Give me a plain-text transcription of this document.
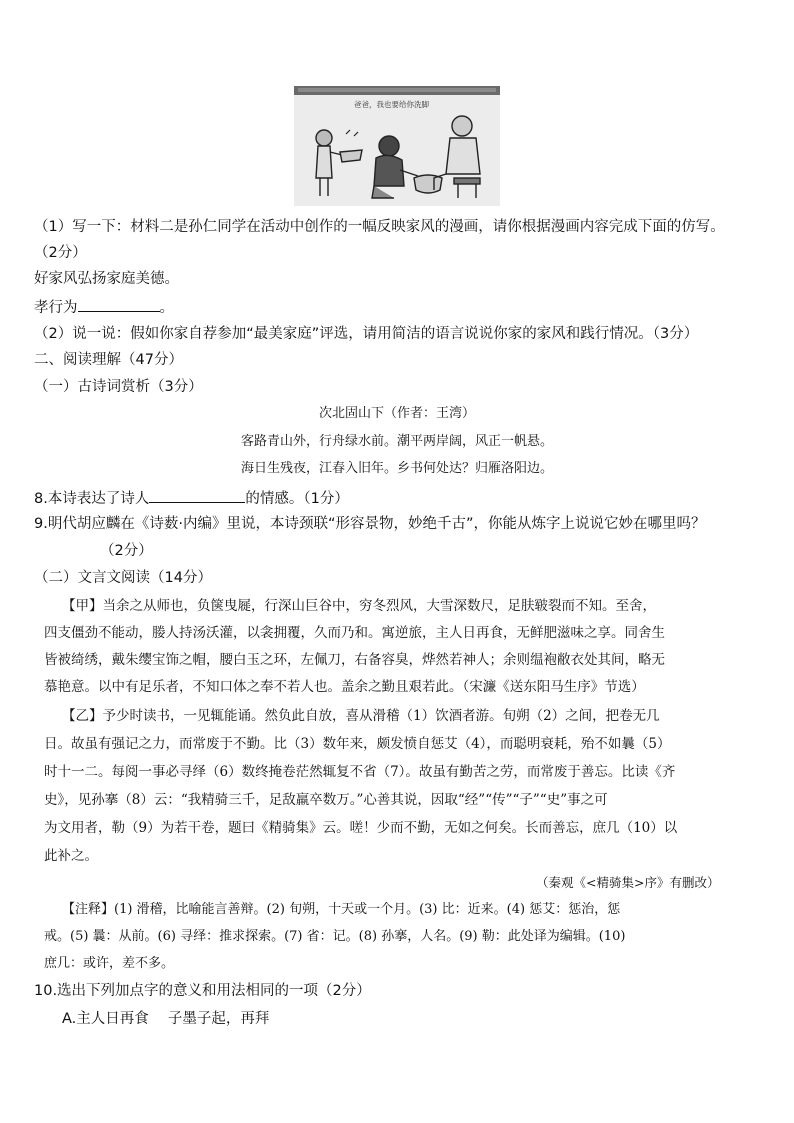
爸爸，我也要给你洗脚
（1）写一下：材料二是孙仁同学在活动中创作的一幅反映家风的漫画，请你根据漫画内容完成下面的仿写。
（2分）
好家风弘扬家庭美德。
孝行为	。
（2）说一说：假如你家自荐参加“最美家庭”评选，请用简洁的语言说说你家的家风和践行情况。（3分）
二、阅读理解（47分）
（一）古诗词赏析（3分）
次北固山下（作者：王湾）
客路青山外，行舟绿水前。潮平两岸阔，风正一帆悬。
海日生残夜，江春入旧年。乡书何处达？归雁洛阳边。
8.本诗表达了诗人	的情感。（1分）
9.明代胡应麟在《诗薮·内编》里说，本诗颈联“形容景物，妙绝千古”，你能从炼字上说说它妙在哪里吗？
（2分）
（二）文言文阅读（14分）
【甲】当余之从师也，负箧曳屣，行深山巨谷中，穷冬烈风，大雪深数尺，足肤皲裂而不知。至舍，
四支僵劲不能动，媵人持汤沃灌，以衾拥覆，久而乃和。寓逆旅，主人日再食，无鲜肥滋味之享。同舍生
皆被绮绣，戴朱缨宝饰之帽，腰白玉之环，左佩刀，右备容臭，烨然若神人；余则缊袍敝衣处其间，略无
慕艳意。以中有足乐者，不知口体之奉不若人也。盖余之勤且艰若此。（宋濂《送东阳马生序》节选）
【乙】予少时读书，一见辄能诵。然负此自放，喜从滑稽（1）饮酒者游。旬朔（2）之间，把卷无几
日。故虽有强记之力，而常废于不勤。比（3）数年来，颇发愤自惩艾（4），而聪明衰耗，殆不如曩（5）
时十一二。每阅一事必寻绎（6）数终掩卷茫然辄复不省（7）。故虽有勤苦之劳，而常废于善忘。比读《齐
史》，见孙搴（8）云：“我精骑三千，足敌羸卒数万。”心善其说，因取“经”“传”“子”“史”事之可
为文用者，勒（9）为若干卷，题曰《精骑集》云。嗟！少而不勤，无如之何矣。长而善忘，庶几（10）以
此补之。
（秦观《<精骑集>序》有删改）
【注释】(1) 滑稽，比喻能言善辩。(2) 旬朔，十天或一个月。(3) 比：近来。(4) 惩艾：惩治，惩
戒。(5) 曩：从前。(6) 寻绎：推求探索。(7) 省：记。(8) 孙搴，人名。(9) 勒：此处译为编辑。(10)
庶几：或许，差不多。
10.选出下列加点字的意义和用法相同的一项（2分）
A.主人日再食　 子墨子起，再拜
